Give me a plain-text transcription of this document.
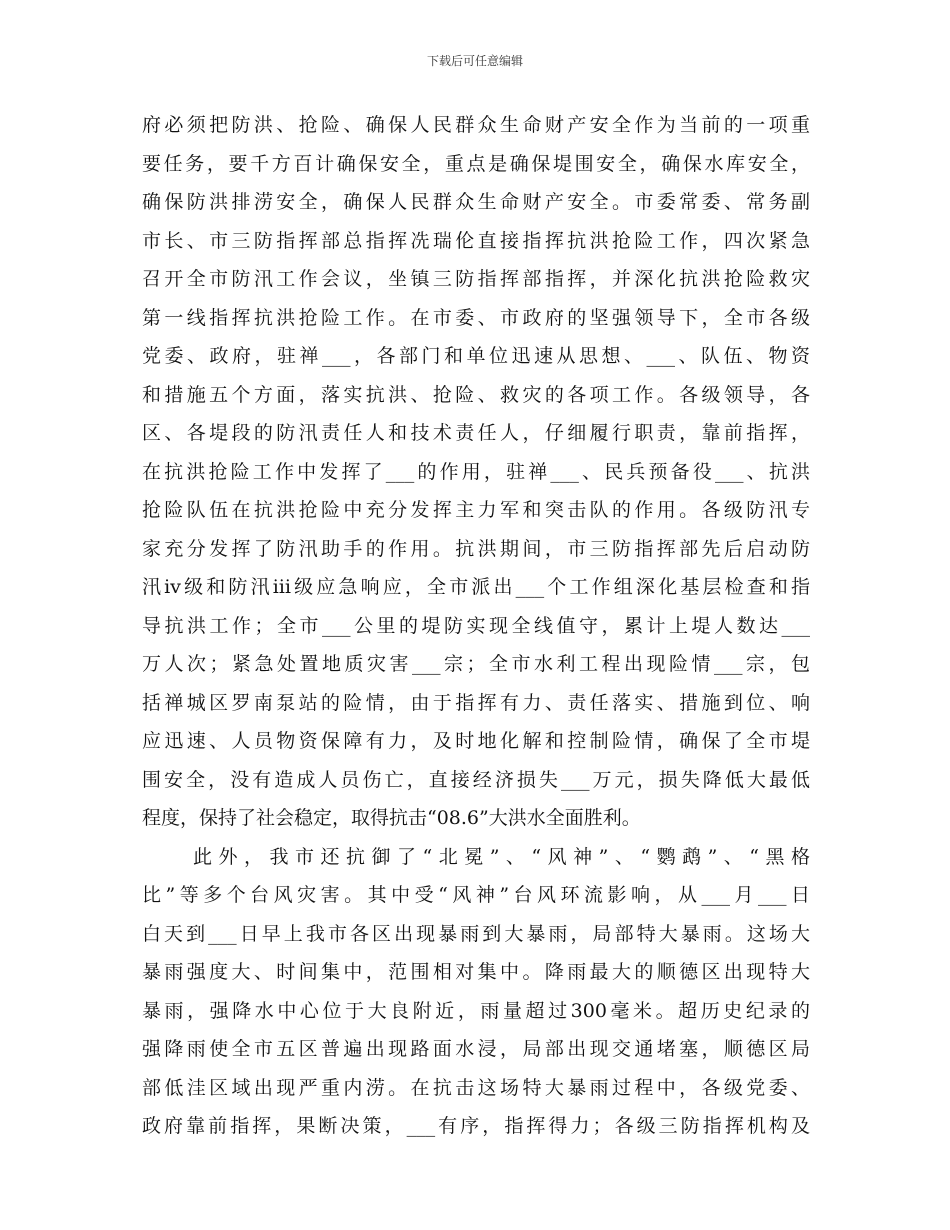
下载后可任意编辑
府必须把防洪、抢险、确保人民群众生命财产安全作为当前的一项重
要任务，要千方百计确保安全，重点是确保堤围安全，确保水库安全，
确保防洪排涝安全，确保人民群众生命财产安全。市委常委、常务副
市长、市三防指挥部总指挥冼瑞伦直接指挥抗洪抢险工作，四次紧急
召开全市防汛工作会议，坐镇三防指挥部指挥，并深化抗洪抢险救灾
第一线指挥抗洪抢险工作。在市委、市政府的坚强领导下，全市各级
党委、政府，驻禅___，各部门和单位迅速从思想、___、队伍、物资
和措施五个方面，落实抗洪、抢险、救灾的各项工作。各级领导，各
区、各堤段的防汛责任人和技术责任人，仔细履行职责，靠前指挥，
在抗洪抢险工作中发挥了___的作用，驻禅___、民兵预备役___、抗洪
抢险队伍在抗洪抢险中充分发挥主力军和突击队的作用。各级防汛专
家充分发挥了防汛助手的作用。抗洪期间，市三防指挥部先后启动防
汛ⅳ级和防汛ⅲ级应急响应，全市派出___个工作组深化基层检查和指
导抗洪工作；全市___公里的堤防实现全线值守，累计上堤人数达___
万人次；紧急处置地质灾害___宗；全市水利工程出现险情___宗，包
括禅城区罗南泵站的险情，由于指挥有力、责任落实、措施到位、响
应迅速、人员物资保障有力，及时地化解和控制险情，确保了全市堤
围安全，没有造成人员伤亡，直接经济损失___万元，损失降低大最低
程度，保持了社会稳定，取得抗击“08.6”大洪水全面胜利。
　　此外，我市还抗御了“北冕”、“风神”、“鹦鹉”、“黑格
比”等多个台风灾害。其中受“风神”台风环流影响，从___月___日
白天到___日早上我市各区出现暴雨到大暴雨，局部特大暴雨。这场大
暴雨强度大、时间集中，范围相对集中。降雨最大的顺德区出现特大
暴雨，强降水中心位于大良附近，雨量超过300毫米。超历史纪录的
强降雨使全市五区普遍出现路面水浸，局部出现交通堵塞，顺德区局
部低洼区域出现严重内涝。在抗击这场特大暴雨过程中，各级党委、
政府靠前指挥，果断决策，___有序，指挥得力；各级三防指挥机构及
